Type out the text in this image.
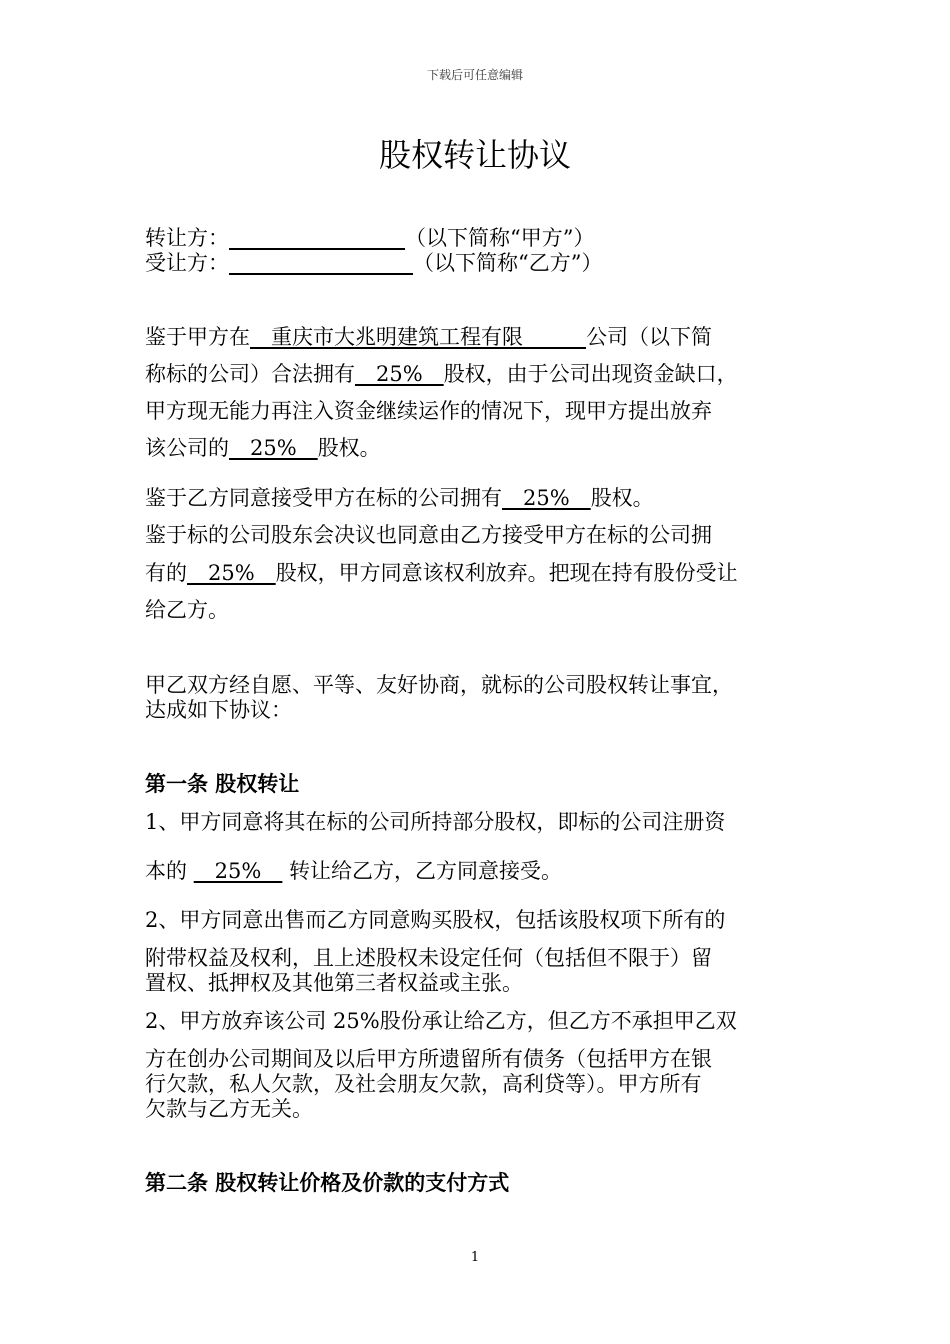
下载后可任意编辑
股权转让协议
转让方：	（以下简称“甲方”）
受让方：	（以下简称“乙方”）
鉴于甲方在　重庆市大兆明建筑工程有限　　　公司（以下简
称标的公司）合法拥有　25%　股权，由于公司出现资金缺口，
甲方现无能力再注入资金继续运作的情况下，现甲方提出放弃
该公司的　25%　股权。
鉴于乙方同意接受甲方在标的公司拥有　25%　股权。
鉴于标的公司股东会决议也同意由乙方接受甲方在标的公司拥
有的　25%　股权，甲方同意该权利放弃。把现在持有股份受让
给乙方。
甲乙双方经自愿、平等、友好协商，就标的公司股权转让事宜，
达成如下协议：
第一条 股权转让
1、甲方同意将其在标的公司所持部分股权，即标的公司注册资
本的 　25%　 转让给乙方，乙方同意接受。
2、甲方同意出售而乙方同意购买股权，包括该股权项下所有的
附带权益及权利，且上述股权未设定任何（包括但不限于）留
置权、抵押权及其他第三者权益或主张。
2、甲方放弃该公司 25%股份承让给乙方，但乙方不承担甲乙双
方在创办公司期间及以后甲方所遗留所有债务（包括甲方在银
行欠款，私人欠款，及社会朋友欠款，高利贷等）。甲方所有
欠款与乙方无关。
第二条 股权转让价格及价款的支付方式
1
